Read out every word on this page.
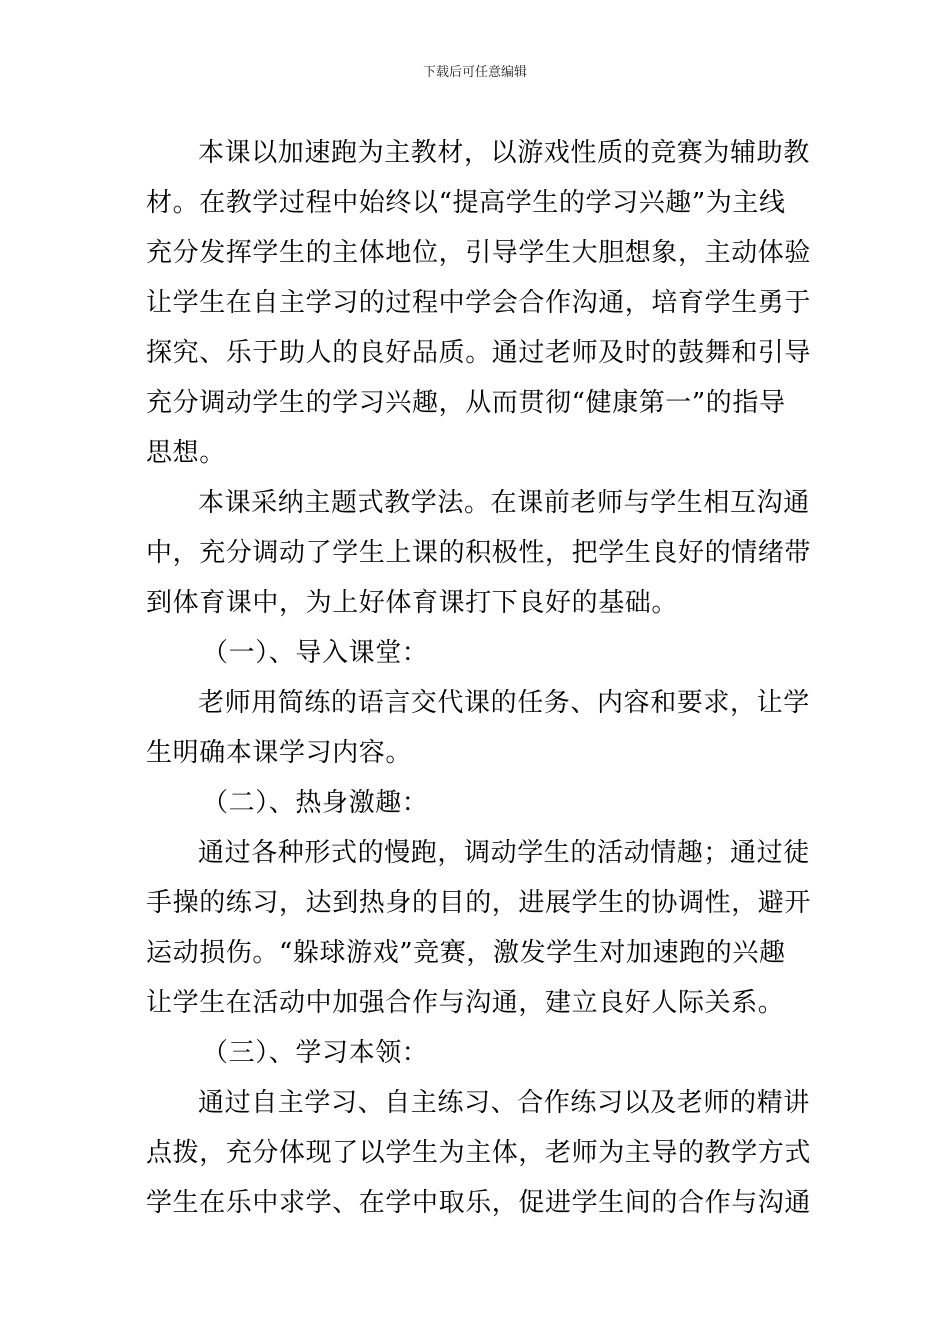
下载后可任意编辑
本课以加速跑为主教材，以游戏性质的竞赛为辅助教
材。在教学过程中始终以“提高学生的学习兴趣”为主线
充分发挥学生的主体地位，引导学生大胆想象，主动体验
让学生在自主学习的过程中学会合作沟通，培育学生勇于
探究、乐于助人的良好品质。通过老师及时的鼓舞和引导
充分调动学生的学习兴趣，从而贯彻“健康第一”的指导
思想。
本课采纳主题式教学法。在课前老师与学生相互沟通
中，充分调动了学生上课的积极性，把学生良好的情绪带
到体育课中，为上好体育课打下良好的基础。
（一）、导入课堂：
老师用简练的语言交代课的任务、内容和要求，让学
生明确本课学习内容。
（二）、热身激趣：
通过各种形式的慢跑，调动学生的活动情趣；通过徒
手操的练习，达到热身的目的，进展学生的协调性，避开
运动损伤。“躲球游戏”竞赛，激发学生对加速跑的兴趣
让学生在活动中加强合作与沟通，建立良好人际关系。
（三）、学习本领：
通过自主学习、自主练习、合作练习以及老师的精讲
点拨，充分体现了以学生为主体，老师为主导的教学方式
学生在乐中求学、在学中取乐，促进学生间的合作与沟通
